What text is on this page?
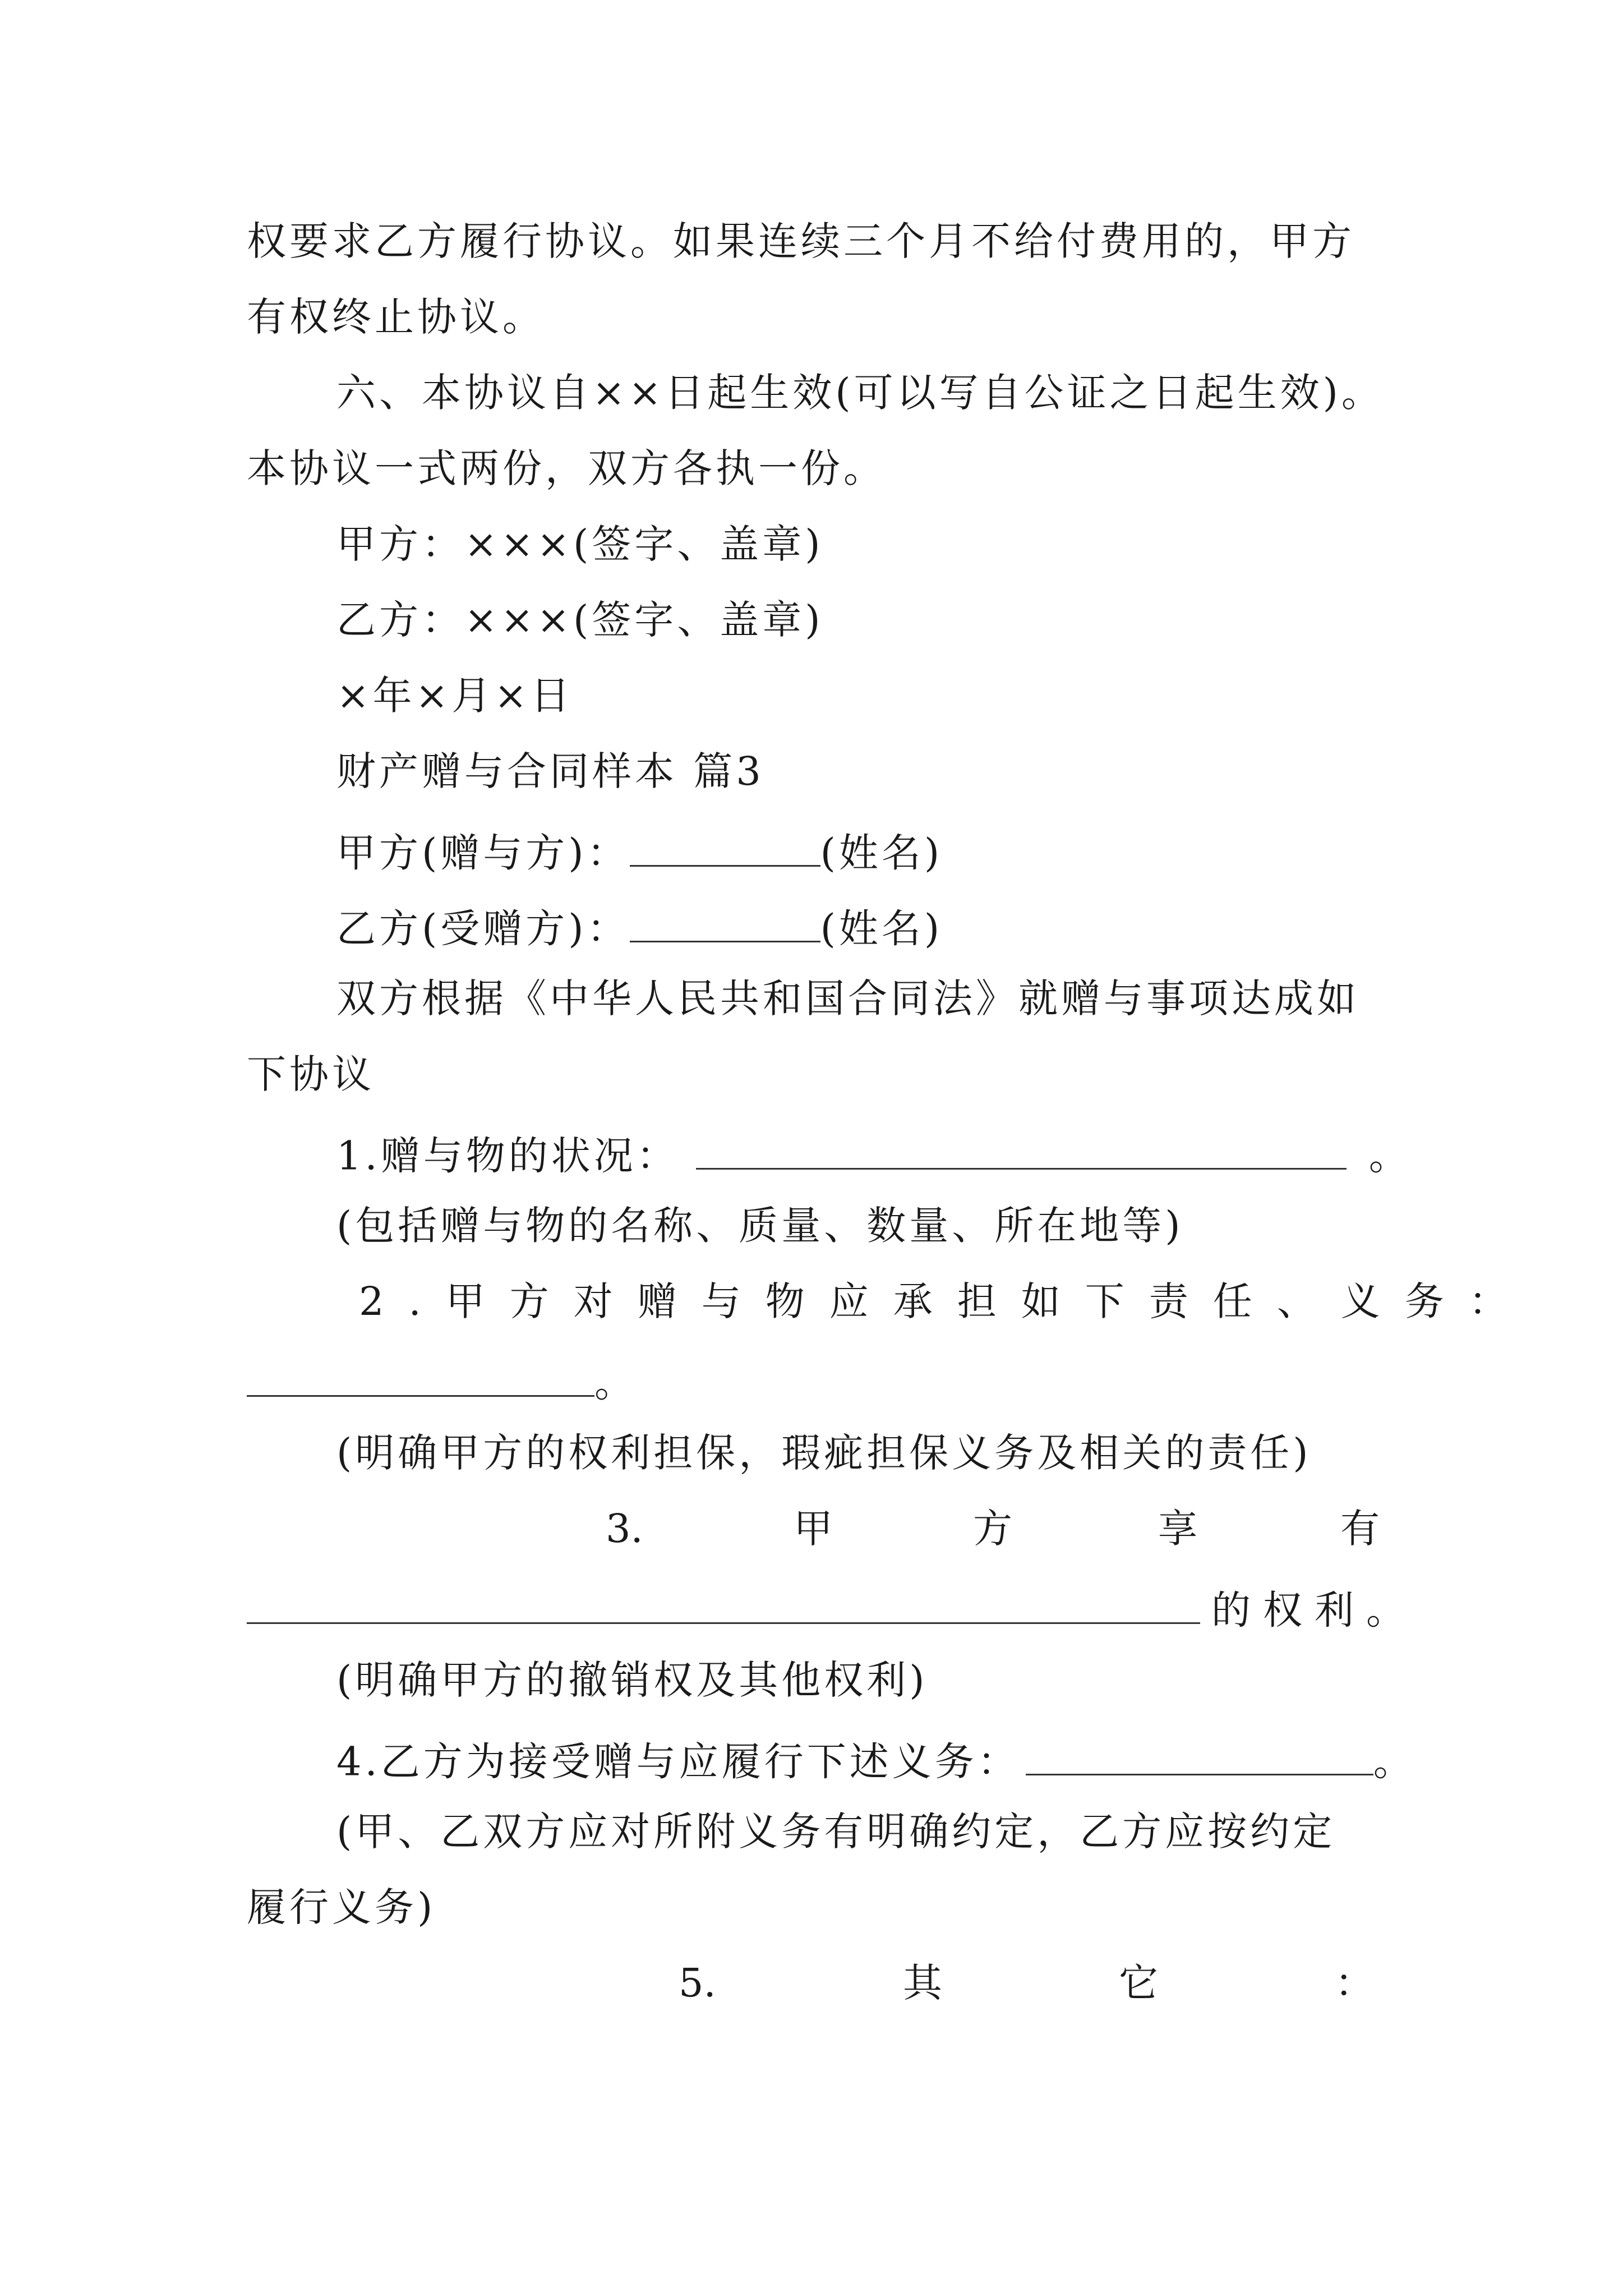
权要求乙方履行协议。如果连续三个月不给付费用的，甲方
有权终止协议。
六、本协议自××日起生效(可以写自公证之日起生效)。
本协议一式两份，双方各执一份。
甲方：×××(签字、盖章)
乙方：×××(签字、盖章)
×年×月×日
财产赠与合同样本 篇3
甲方(赠与方)：	(姓名)
乙方(受赠方)：	(姓名)
双方根据《中华人民共和国合同法》就赠与事项达成如
下协议
1.赠与物的状况：	。
(包括赠与物的名称、质量、数量、所在地等)
2.甲方对赠与物应承担如下责任、义务：
。
(明确甲方的权利担保，瑕疵担保义务及相关的责任)
3.	甲	方	享	有
的权利。
(明确甲方的撤销权及其他权利)
4.乙方为接受赠与应履行下述义务：	。
(甲、乙双方应对所附义务有明确约定，乙方应按约定
履行义务)
5.	其	它	：
